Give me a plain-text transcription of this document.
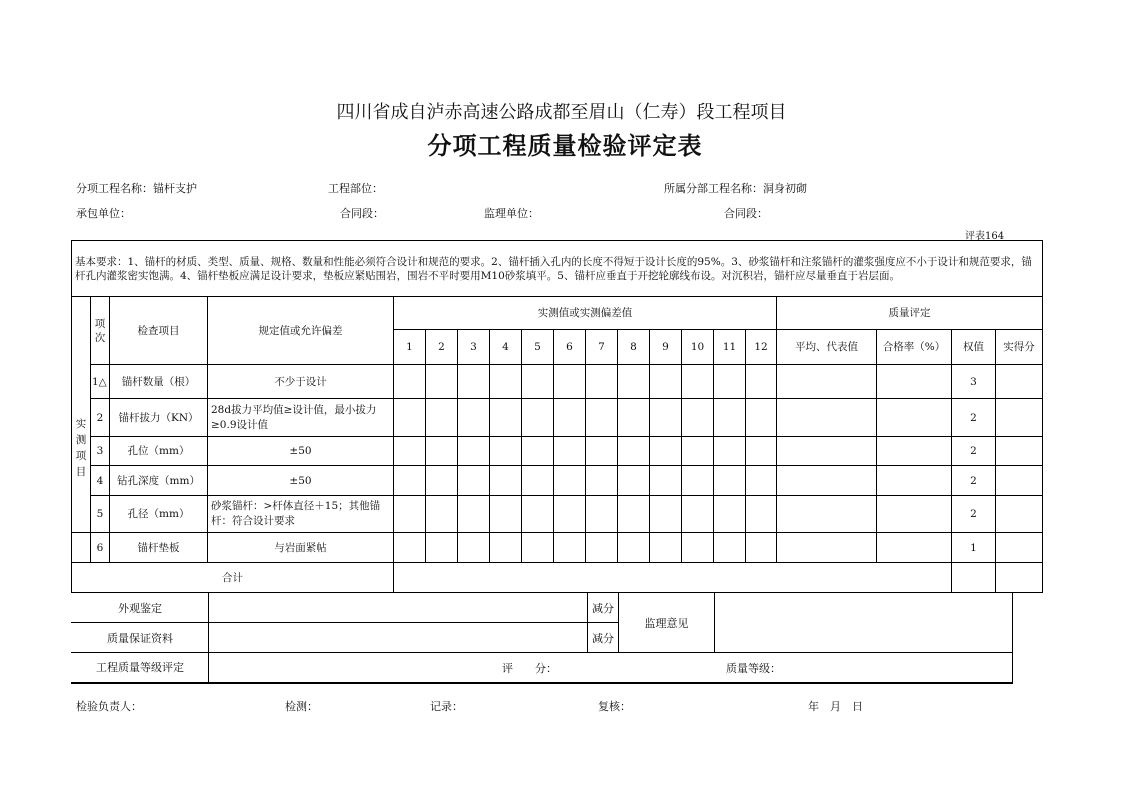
四川省成自泸赤高速公路成都至眉山（仁寿）段工程项目
分项工程质量检验评定表
分项工程名称：锚杆支护	工程部位：	所属分部工程名称：洞身初砌
承包单位：	合同段：	监理单位：	合同段：
评表164
基本要求：1、锚杆的材质、类型、质量、规格、数量和性能必须符合设计和规范的要求。2、锚杆插入孔内的长度不得短于设计长度的95%。3、砂浆锚杆和注浆锚杆的灌浆强度应不小于设计和规范要求，锚杆孔内灌浆密实饱满。4、锚杆垫板应满足设计要求，垫板应紧贴围岩，围岩不平时要用M10砂浆填平。5、锚杆应垂直于开挖轮廓线布设。对沉积岩，锚杆应尽量垂直于岩层面。																			
	项次	检查项目	规定值或允许偏差	实测值或实测偏差值												质量评定			
				1	2	3	4	5	6	7	8	9	10	11	12	平均、代表值	合格率（%）	权值	实得分

实测项目	1△	锚杆数量（根）	不少于设计															3	
	2	锚杆拔力（KN）	28d拔力平均值≥设计值，最小拔力≥0.9设计值															2	
	3	孔位（mm）	±50															2	
	4	钻孔深度（mm）	±50															2	
	5	孔径（mm）	砂浆锚杆：>杆体直径＋15；其他锚杆：符合设计要求															2	
	6	锚杆垫板	与岩面紧帖															1	
合计																			
外观鉴定		减分	监理意见	
质量保证资料		减分		
工程质量等级评定	评　　分： 质量等级：			
检验负责人：	检测：	记录：	复核：	年　月　日
